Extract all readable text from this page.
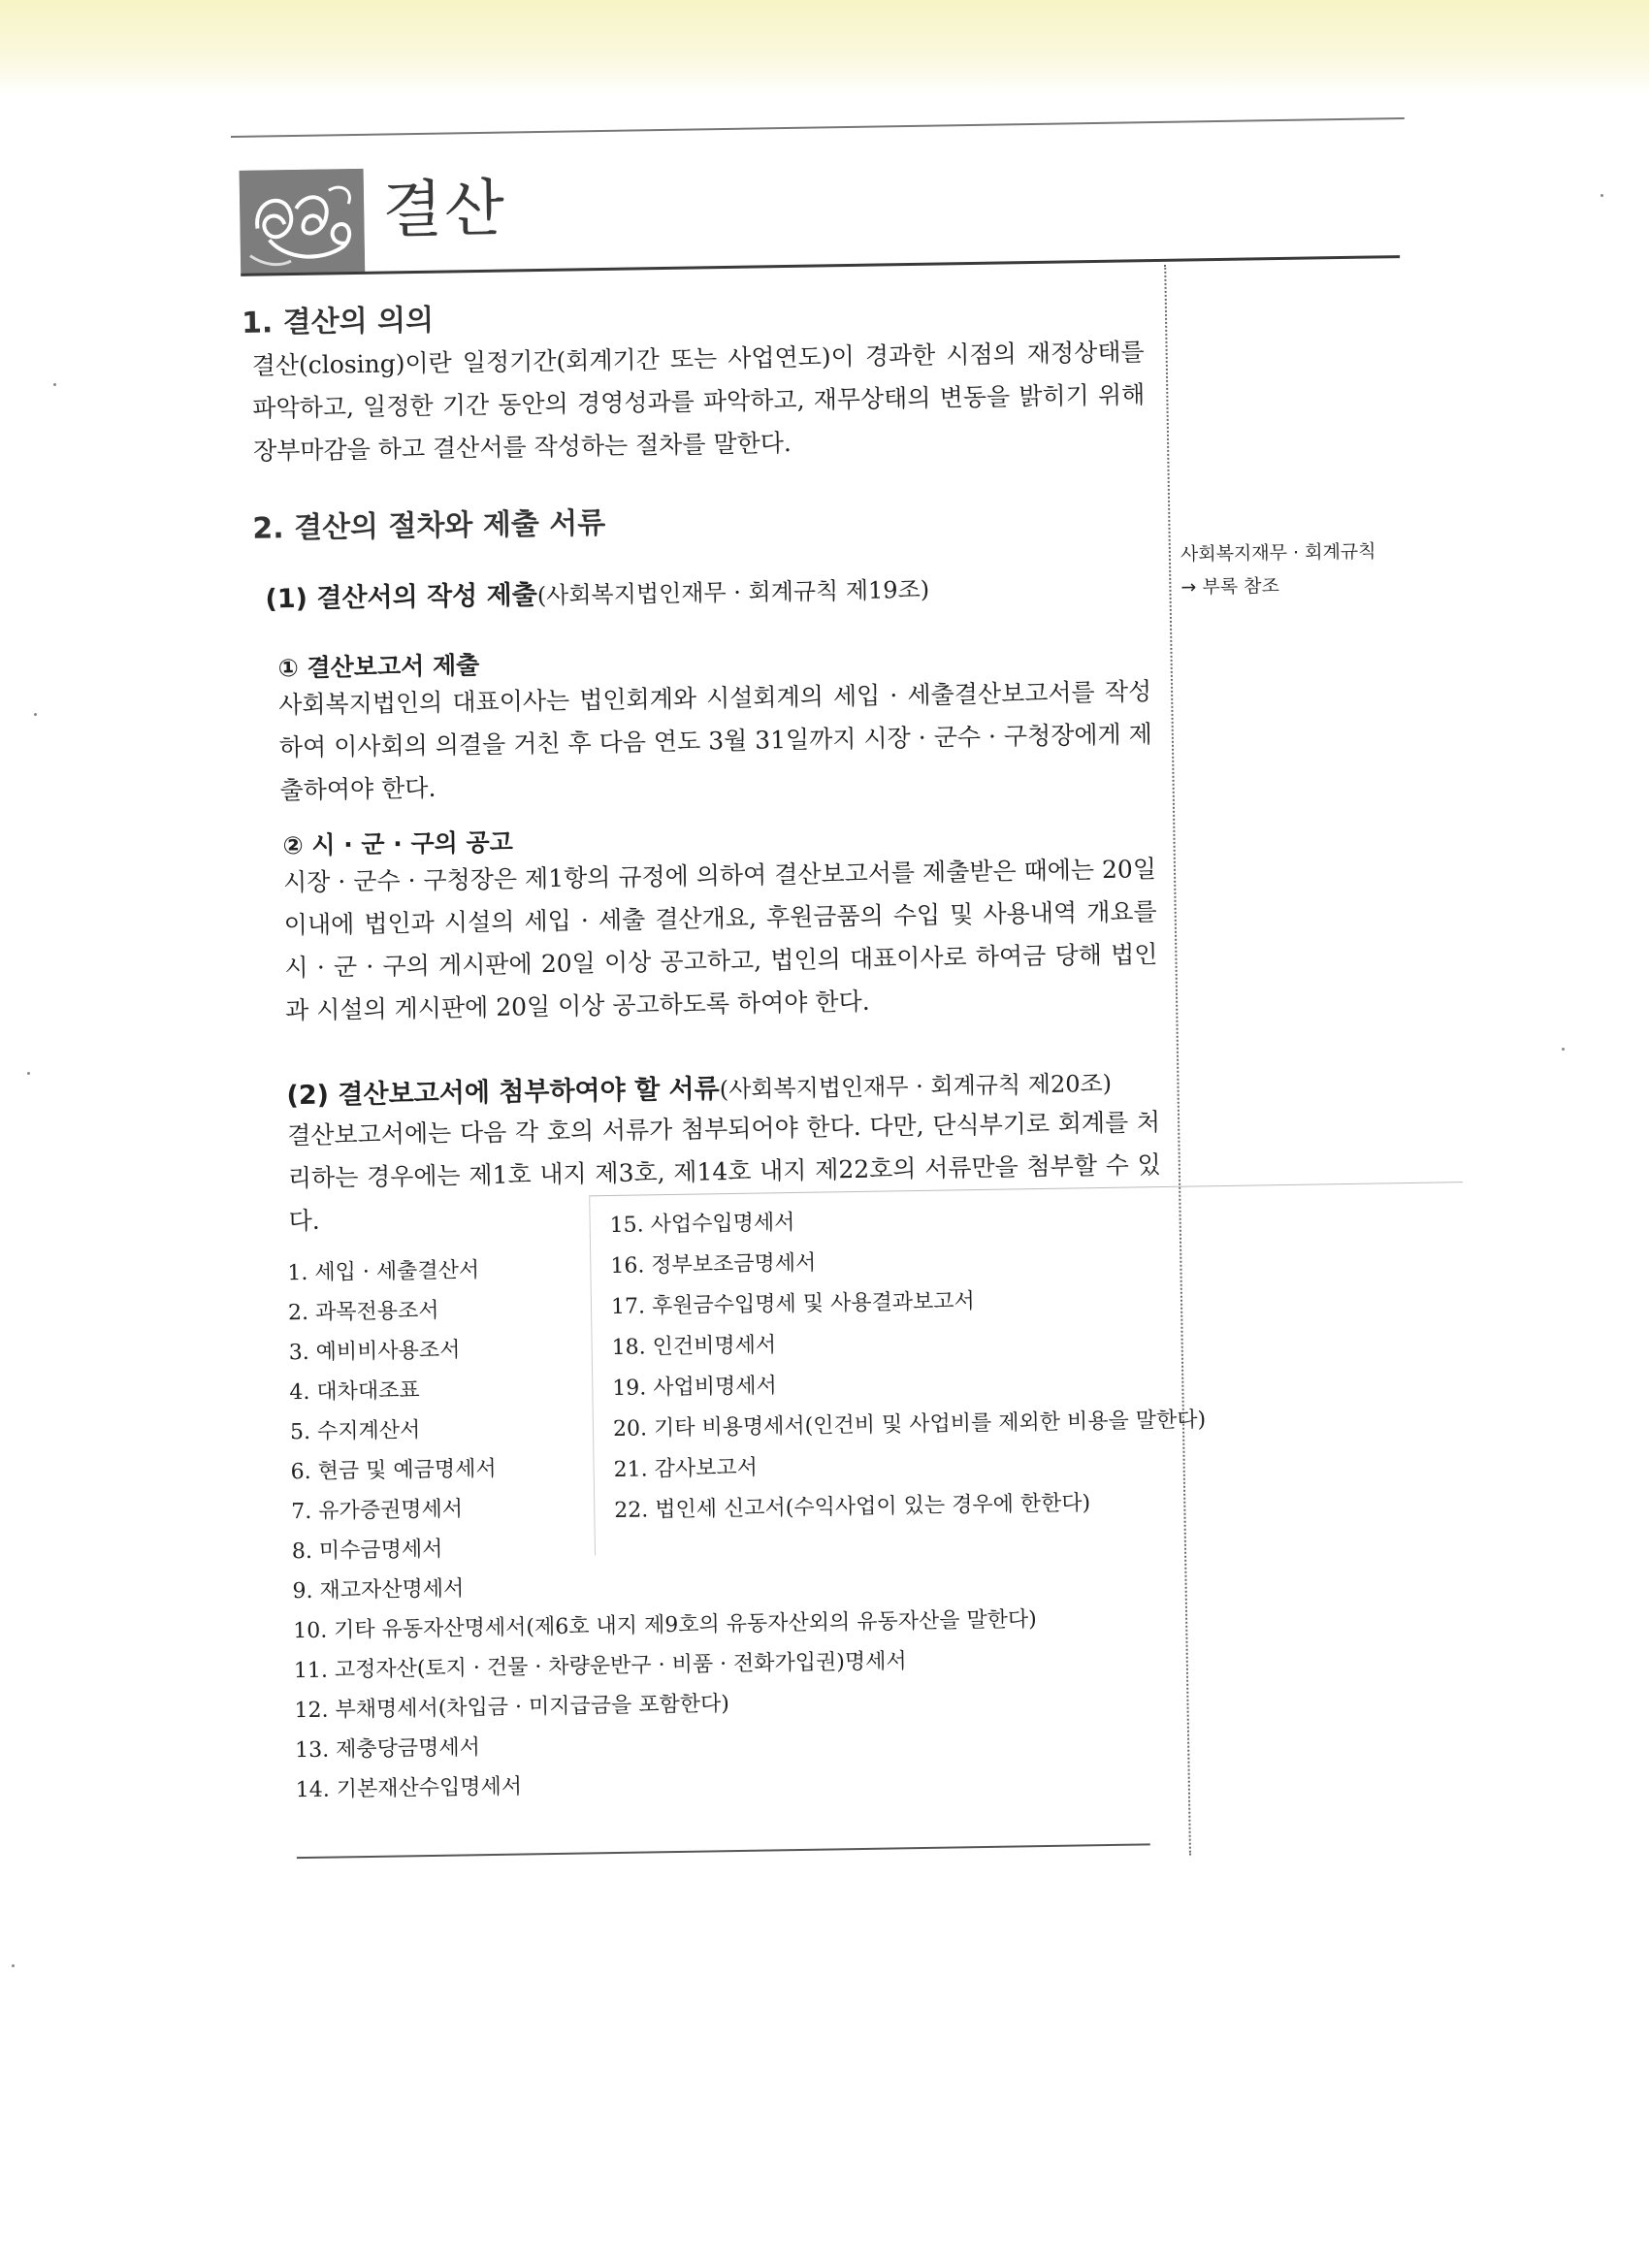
결산
사회복지재무 · 회계규칙
→ 부록 참조
1. 결산의 의의
결산(closing)이란 일정기간(회계기간 또는 사업연도)이 경과한 시점의 재정상태를 파악하고, 일정한 기간 동안의 경영성과를 파악하고, 재무상태의 변동을 밝히기 위해 장부마감을 하고 결산서를 작성하는 절차를 말한다.
2. 결산의 절차와 제출 서류
(1) 결산서의 작성 제출(사회복지법인재무 · 회계규칙 제19조)
① 결산보고서 제출
사회복지법인의 대표이사는 법인회계와 시설회계의 세입 · 세출결산보고서를 작성하여 이사회의 의결을 거친 후 다음 연도 3월 31일까지 시장 · 군수 · 구청장에게 제출하여야 한다.
② 시 · 군 · 구의 공고
시장 · 군수 · 구청장은 제1항의 규정에 의하여 결산보고서를 제출받은 때에는 20일 이내에 법인과 시설의 세입 · 세출 결산개요, 후원금품의 수입 및 사용내역 개요를 시 · 군 · 구의 게시판에 20일 이상 공고하고, 법인의 대표이사로 하여금 당해 법인과 시설의 게시판에 20일 이상 공고하도록 하여야 한다.
(2) 결산보고서에 첨부하여야 할 서류(사회복지법인재무 · 회계규칙 제20조)
결산보고서에는 다음 각 호의 서류가 첨부되어야 한다. 다만, 단식부기로 회계를 처리하는 경우에는 제1호 내지 제3호, 제14호 내지 제22호의 서류만을 첨부할 수 있다.
1. 세입 · 세출결산서
2. 과목전용조서
3. 예비비사용조서
4. 대차대조표
5. 수지계산서
6. 현금 및 예금명세서
7. 유가증권명세서
8. 미수금명세서
9. 재고자산명세서
10. 기타 유동자산명세서(제6호 내지 제9호의 유동자산외의 유동자산을 말한다)
11. 고정자산(토지 · 건물 · 차량운반구 · 비품 · 전화가입권)명세서
12. 부채명세서(차입금 · 미지급금을 포함한다)
13. 제충당금명세서
14. 기본재산수입명세서
15. 사업수입명세서
16. 정부보조금명세서
17. 후원금수입명세 및 사용결과보고서
18. 인건비명세서
19. 사업비명세서
20. 기타 비용명세서(인건비 및 사업비를 제외한 비용을 말한다)
21. 감사보고서
22. 법인세 신고서(수익사업이 있는 경우에 한한다)
